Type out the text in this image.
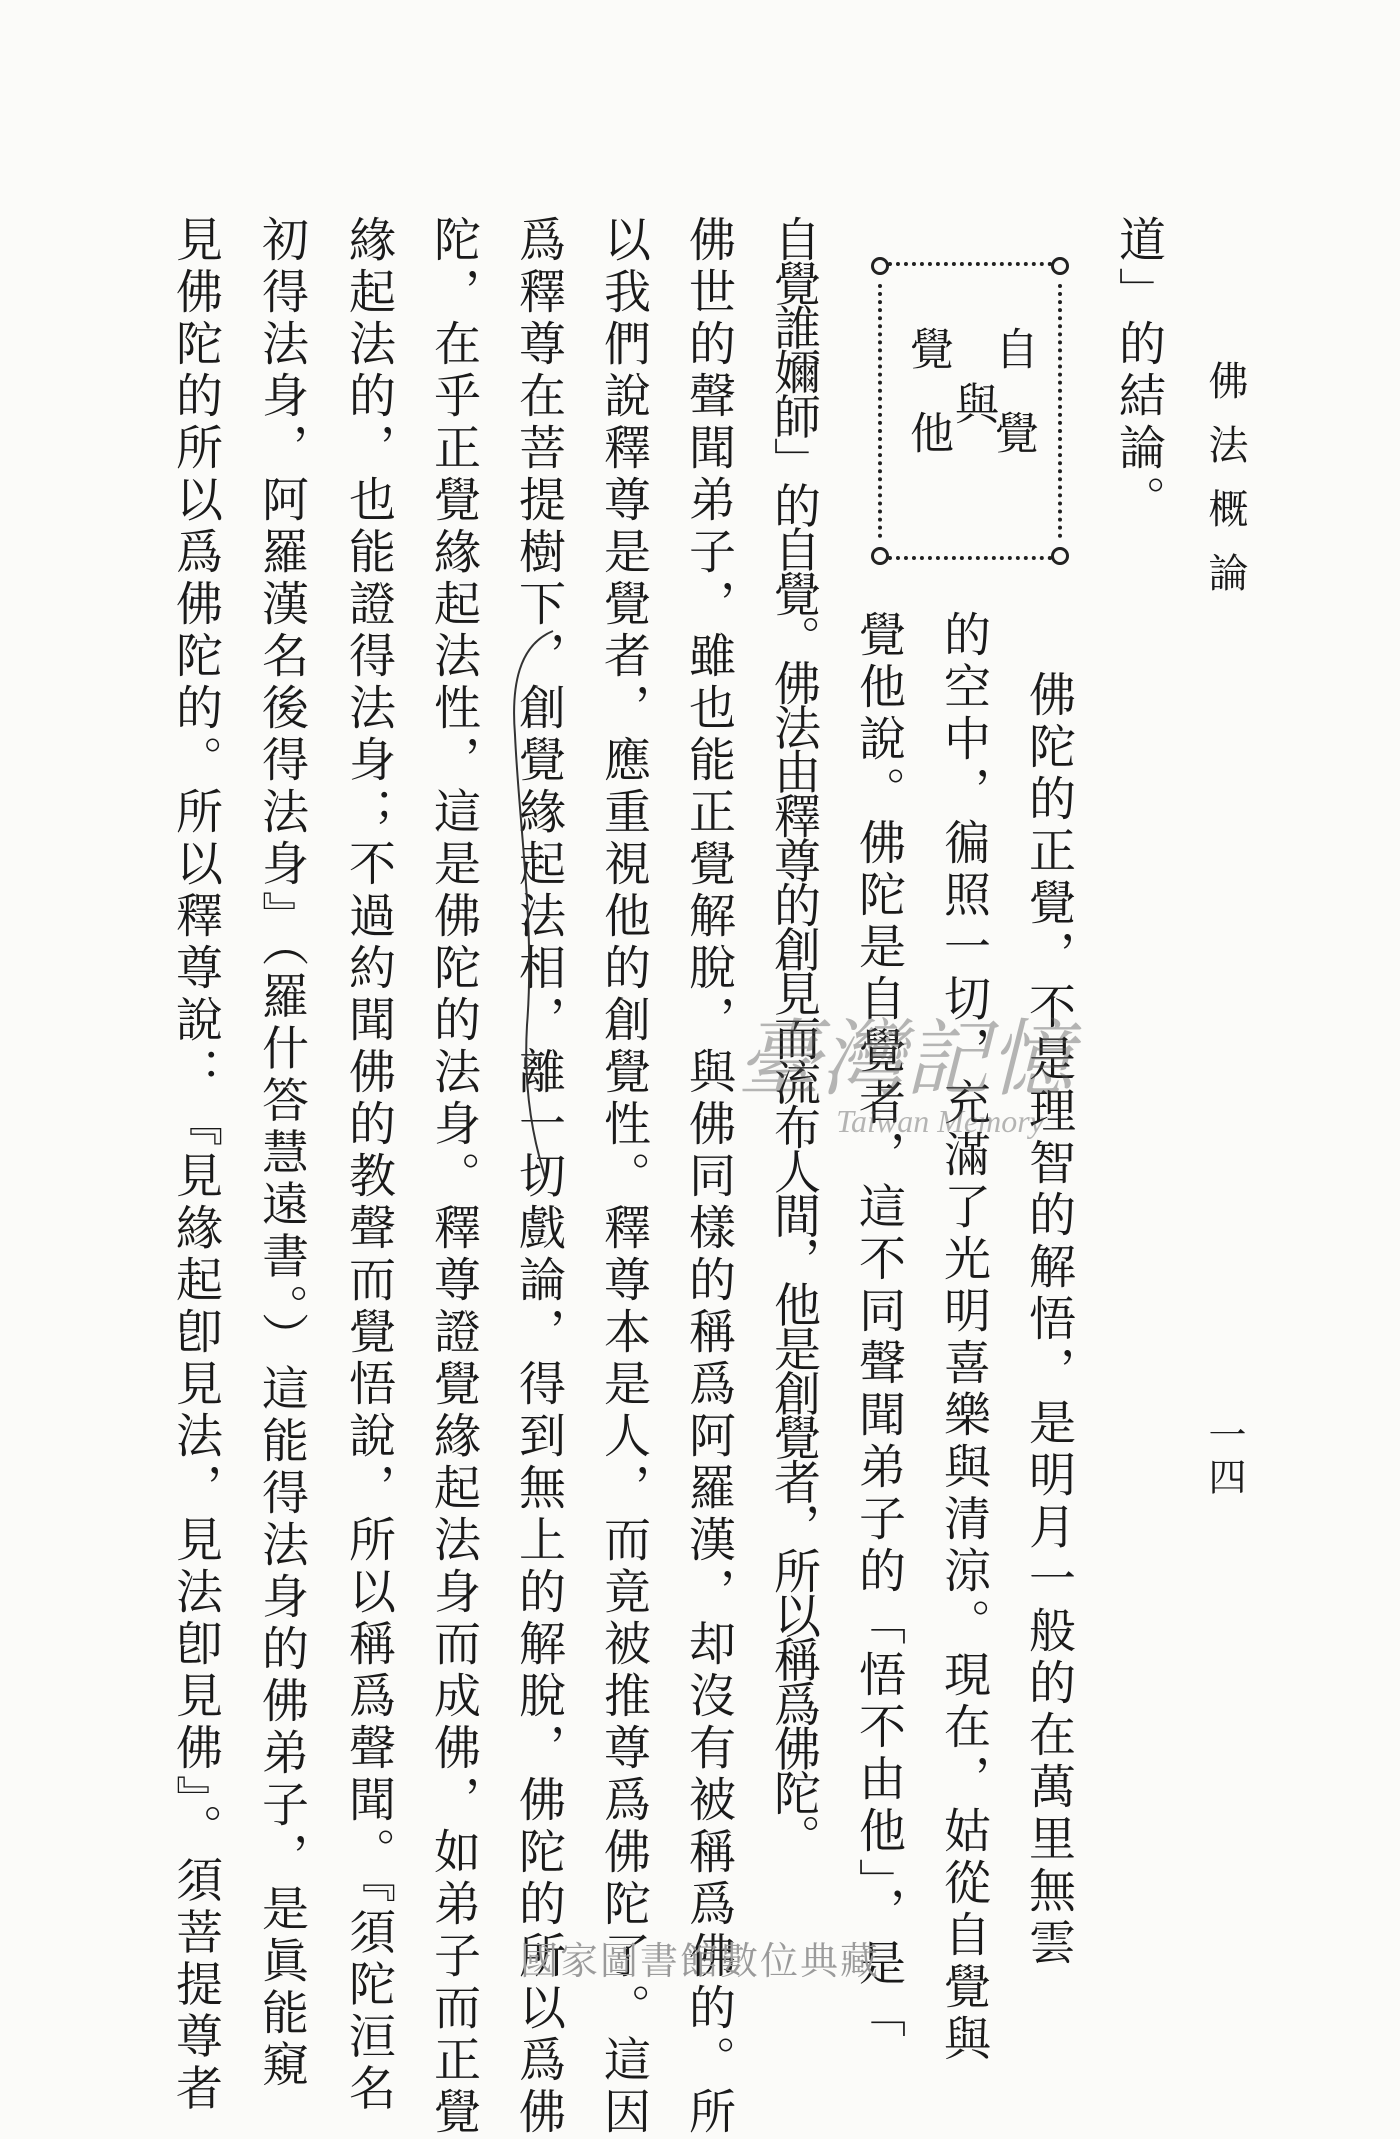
佛法概論
一四
自覺
與
覺他	道」的結論。
佛陀的正覺，不是理智的解悟，是明月一般的在萬里無雲
的空中，徧照一切，充滿了光明喜樂與清涼。現在，姑從自覺與
覺他說。佛陀是自覺者，這不同聲聞弟子的「悟不由他」，是「
自覺誰嬭師」的自覺。佛法由釋尊的創見而流布人間，他是創覺者，所以稱爲佛陀。
佛世的聲聞弟子，雖也能正覺解脫，與佛同樣的稱爲阿羅漢，却沒有被稱爲佛的。所
以我們說釋尊是覺者，應重視他的創覺性。釋尊本是人，而竟被推尊爲佛陀了。這因
爲釋尊在菩提樹下，創覺緣起法相，離一切戲論，得到無上的解脫，佛陀的所以爲佛
陀，在乎正覺緣起法性，這是佛陀的法身。釋尊證覺緣起法身而成佛，如弟子而正覺
緣起法的，也能證得法身；不過約聞佛的教聲而覺悟說，所以稱爲聲聞。『須陀洹名
初得法身，阿羅漢名後得法身』（羅什答慧遠書。）這能得法身的佛弟子，是眞能窺
見佛陀的所以爲佛陀的。所以釋尊說：『見緣起卽見法，見法卽見佛』。須菩提尊者	臺灣記憶
Taiwan Memory
國家圖書館數位典藏
